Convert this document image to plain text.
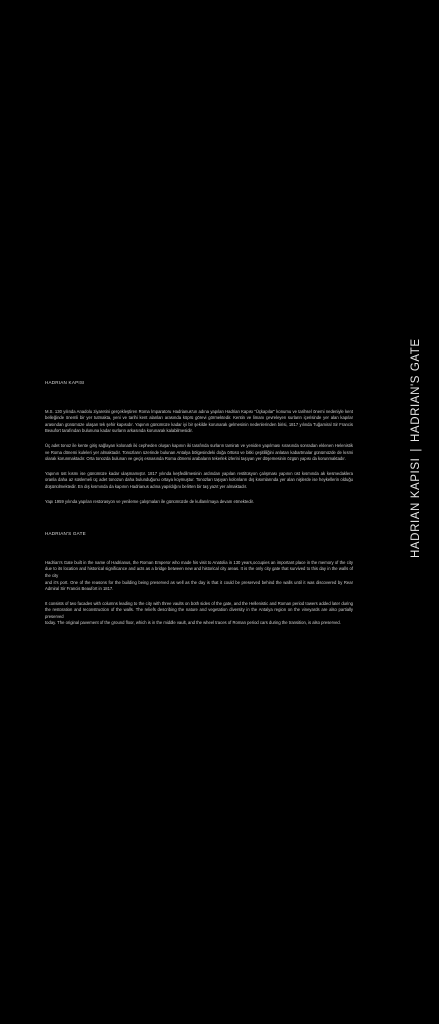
HADRIAN KAPISI|HADRIAN'S GATE
HADRIAN KAPISI

M.S. 130 yılında Anadolu ziyaretini gerçekleştiren Roma İmparatoru Hadrianus'un adına yapılan Hadrian Kapısı "Üçkapılar" konumu ve tarihsel önemi nedeniyle kent belleğinde önemli bir yer tutmakta, yeni ve tarihi kent alanları arasında köprü görevi görmektedir. Kentin ve limanı çevreleyen surların içerisinde yer alan kapılar arasından günümüze ulaşan tek şehir kapısıdır. Yapının günümüze kadar iyi bir şekilde korunarak gelmesinin nedenlerinden birisi, 1817 yılında Tuğamiral Sir Francis Beaufort tarafından bulununa kadar surların arkasında korunarak kalabilmesidir.

Üç adet tonoz ile kente giriş sağlayan kolonatlı iki cepheden oluşan kapının iki tarafında surların tamiratı ve yeniden yapılması sırasında sonradan eklenen Helenistik ve Roma dönemi kuleleri yer almaktadır. Tonozların üzerinde bulunan Antalya bölgesindeki doğa örtüsü ve bitki çeşitliliğini anlatan kabartmalar günümüzde de kısmi olarak korunmaktadır. Orta tonozda bulunan ve geçiş esnasında Roma dönemi arabaların tekerlek izlerini taşıyan yer döşemesinin özgün yapısı da korunmaktadır.

Yapının üst kısmı ise günümüze kadar ulaşmamıştır. 1817 yılında keşfedilmesinin ardından yapılan restitüsyon çalışması yapının üst kısmında ak kesmedaklera oranla daha az süslemeli üç adet tonozun daha bulunduğunu ortaya koymuştur. Tonozları taşıyan kolonların dış kısımlarında yer alan nişlerde ise heykellerin olduğu düşünülmektedir. En dış kısmında da kapının Hadrianus adına yapıldığını belirten bir taş yazıt yer almaktadır.

Yapı 1959 yılında yapılan restorasyon ve yenileme çalışmaları ile günümüzde de kullanılmaya devam etmektedir.

HADRIAN'S GATE

Hadrian's Gate built in the name of Hadrianus, the Roman Emperor who made his visit to Anatolia in 130 years,occupies an important place in the memory of the city due to its location and historical significance and acts as a bridge between new and historical city areas. It is the only city gate that survived to this day in the walls of the city

and it's port. One of the reasons for the building being preserved as well as the day is that it could be preserved behind the walls until it was discovered by Rear Admiral Sir Francis Beaufort in 1817.

It consists of two facades with columns leading to the city with three vaults on both sides of the gate, and the Hellenistic and Roman period towers added later during the restoration and reconstruction of the walls. The reliefs describing the nature and vegetation diversity in the Antalya region on the vineyards are also partially preserved

today. The original pavement of the ground floor, which is in the middle vault, and the wheel traces of Roman period cars during the transition, is also preserved.
